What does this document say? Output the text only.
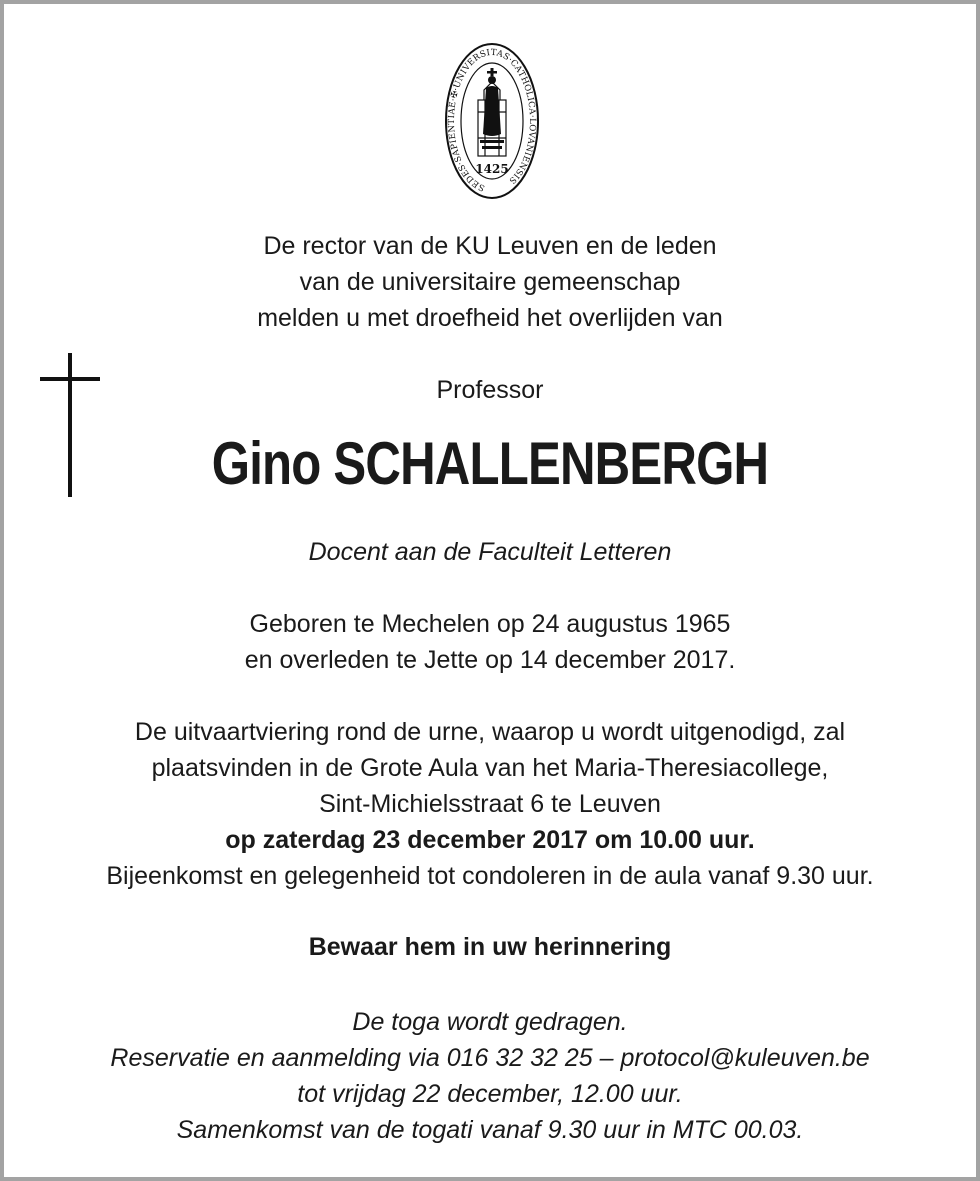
SEDES·SAPIENTIAE·✠·UNIVERSITAS·CATHOLICA·LOVANIENSIS
1425

De rector van de KU Leuven en de leden

van de universitaire gemeenschap

melden u met droefheid het overlijden van

Professor

Gino SCHALLENBERGH

Docent aan de Faculteit Letteren

Geboren te Mechelen op 24 augustus 1965

en overleden te Jette op 14 december 2017.

De uitvaartviering rond de urne, waarop u wordt uitgenodigd, zal

plaatsvinden in de Grote Aula van het Maria-Theresiacollege,

Sint-Michielsstraat 6 te Leuven

op zaterdag 23 december 2017 om 10.00 uur.

Bijeenkomst en gelegenheid tot condoleren in de aula vanaf 9.30 uur.

Bewaar hem in uw herinnering

De toga wordt gedragen.

Reservatie en aanmelding via 016 32 32 25 – protocol@kuleuven.be

tot vrijdag 22 december, 12.00 uur.

Samenkomst van de togati vanaf 9.30 uur in MTC 00.03.
